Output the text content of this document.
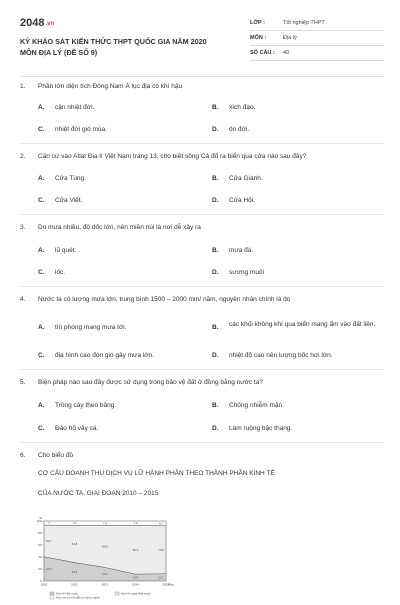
2048.vn
KỲ KHẢO SÁT KIẾN THỨC THPT QUỐC GIA NĂM 2020
MÔN ĐỊA LÝ (ĐỀ SỐ 9)
LỚP :	Tốt nghiệp THPT
MÔN :	Địa lý
SỐ CÂU :	40
1. Phần lớn diện tích Đông Nam Á lục địa có khí hậu
A. cận nhiệt đới.	B. xích đạo.
C. nhiệt đới gió mùa.	D. ôn đới.
2. Căn cứ vào Atlat Địa lí Việt Nam trang 13, cho biết sông Cả đổ ra biển qua cửa nào sau đây?
A. Cửa Tùng.	B. Cửa Gianh.
C. Cửa Việt.	D. Cửa Hội.
3. Do mưa nhiều, độ dốc lớn, nên miền núi là nơi dễ xảy ra
A. lũ quét. .	B. mưa đá.
C. lốc.	D. sương muối
4. Nước ta có lượng mưa lớn, trung bình 1500 – 2000 mm/ năm, nguyên nhân chính là do
A. tín phong mang mưa tới.	B. các khối không khí qua biển mang ẩm vào đất liền.
C. địa hình cao đón gió gây mưa lớn.	D. nhiệt độ cao nên lượng bốc hơi lớn.
5. Biện pháp nào sau đây được sử dụng trong bảo vệ đất ở đồng bằng nước ta?
A. Trồng cây theo băng.	B. Chống nhiễm mặn.
C. Đào hố vảy cá.	D. Làm ruộng bậc thang.
6. Cho biểu đồ
CƠ CẤU DOANH THU DỊCH VỤ LỮ HÀNH PHÂN THEO THÀNH PHẦN KINH TẾ
CỦA NƯỚC TA, GIAI ĐOẠN 2010 – 2015
0
20
40
60
80
100
%
2010	2012	2013	2014	2015
Năm
40.3
30.8
22.6
11.3	12.1
52.7
61.8
69.8
81.3	79.8
7	7.4	7.6	7.4	8.1
Kinh tế Nhà nước	Kinh tế ngoài Nhà nước
Khu vực có vốn đầu tư nước ngoài
